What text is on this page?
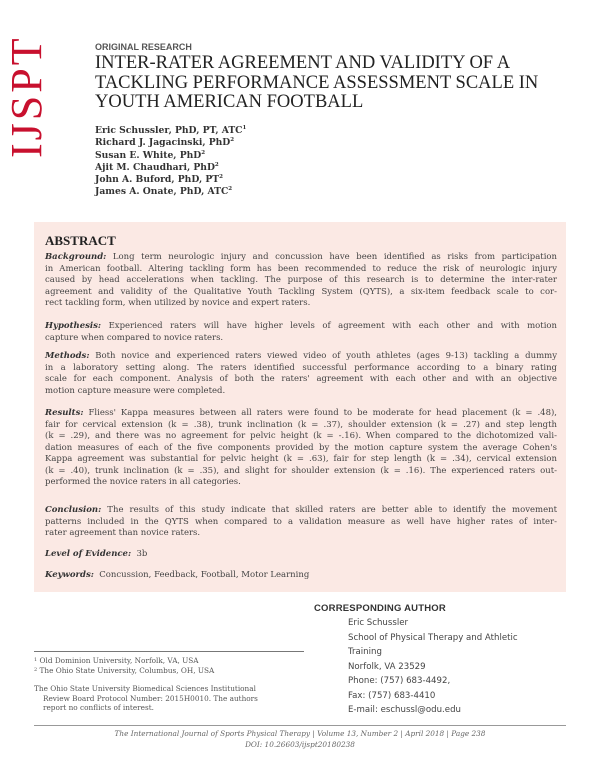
IJSPT	ORIGINAL RESEARCH
INTER-RATER AGREEMENT AND VALIDITY OF A
TACKLING PERFORMANCE ASSESSMENT SCALE IN
YOUTH AMERICAN FOOTBALL
Eric Schussler, PhD, PT, ATC$^1$
Richard J. Jagacinski, PhD$^2$
Susan E. White, PhD$^2$
Ajit M. Chaudhari, PhD$^2$
John A. Buford, PhD, $PT^2$
James A. Onate, PhD, ATC$^2$
ABSTRACT
Background: Long term neurologic injury and concussion have been identified as risks from participation
in American football. Altering tackling form has been recommended to reduce the risk of neurologic injury
caused by head accelerations when tackling. The purpose of this research is to determine the inter-rater
agreement and validity of the Qualitative Youth Tackling System (QYTS), a six-item feedback scale to cor-
rect tackling form, when utilized by novice and expert raters.
Hypothesis: Experienced raters will have higher levels of agreement with each other and with motion
capture when compared to novice raters.
Methods: Both novice and experienced raters viewed video of youth athletes (ages 9-13) tackling a dummy
in a laboratory setting along. The raters identified successful performance according to a binary rating
scale for each component. Analysis of both the raters' agreement with each other and with an objective
motion capture measure were completed.
Results: Fliess' Kappa measures between all raters were found to be moderate for head placement (k = .48),
fair for cervical extension (k = .38), trunk inclination (k = .37), shoulder extension (k = .27) and step length
(k = .29), and there was no agreement for pelvic height (k = -.16). When compared to the dichotomized vali-
dation measures of each of the five components provided by the motion capture system the average Cohen's
Kappa agreement was substantial for pelvic height (k = .63), fair for step length (k = .34), cervical extension
(k = .40), trunk inclination (k = .35), and slight for shoulder extension (k = .16). The experienced raters out-
performed the novice raters in all categories.
Conclusion: The results of this study indicate that skilled raters are better able to identify the movement
patterns included in the QYTS when compared to a validation measure as well have higher rates of inter-
rater agreement than novice raters.
Level of Evidence: 3b
Keywords: Concussion, Feedback, Football, Motor Learning
CORRESPONDING AUTHOR
Eric Schussler
School of Physical Therapy and Athletic
Training
Norfolk, VA 23529
Phone: (757) 683-4492,
Fax: (757) 683-4410
E-mail: eschussl@odu.edu
$^1$ Old Dominion University, Norfolk, VA, USA
$^2$ The Ohio State University, Columbus, OH, USA
The Ohio State University Biomedical Sciences Institutional
Review Board Protocol Number: 2015H0010. The authors
report no conflicts of interest.
The International Journal of Sports Physical Therapy | Volume 13, Number 2 | April 2018 | Page 238
DOI: 10.26603/ijspt20180238
